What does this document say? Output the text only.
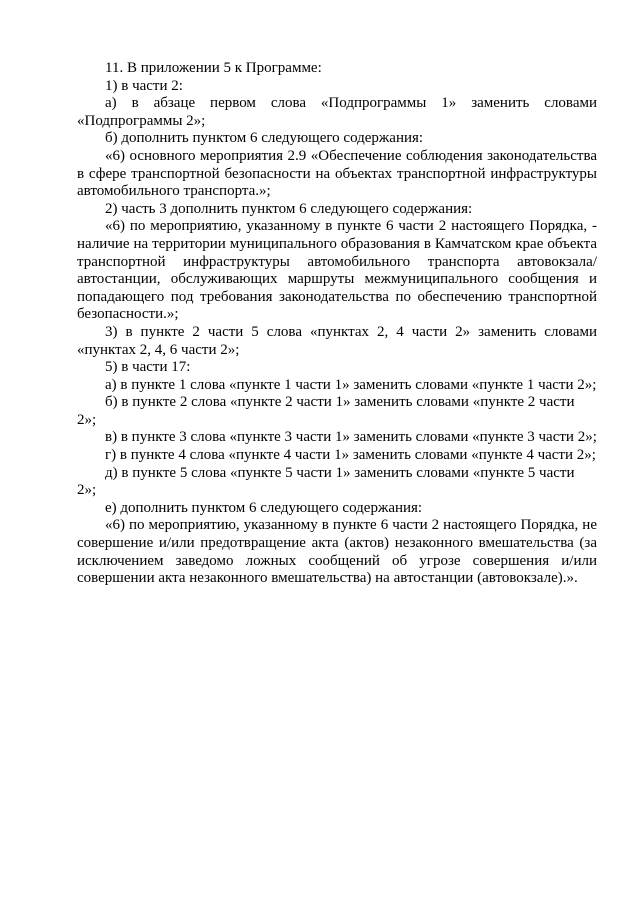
11. В приложении 5 к Программе:

1) в части 2:

а) в абзаце первом слова «Подпрограммы 1» заменить словами «Подпрограммы 2»;

б) дополнить пунктом 6 следующего содержания:

«6) основного мероприятия 2.9 «Обеспечение соблюдения законодательства в сфере транспортной безопасности на объектах транспортной инфраструктуры автомобильного транспорта.»;

2) часть 3 дополнить пунктом 6 следующего содержания:

«6) по мероприятию, указанному в пункте 6 части 2 настоящего Порядка, -

наличие на территории муниципального образования в Камчатском крае объекта транспортной инфраструктуры автомобильного транспорта автовокзала/автостанции, обслуживающих маршруты межмуниципального сообщения и попадающего под требования законодательства по обеспечению транспортной безопасности.»;

3) в пункте 2 части 5 слова «пунктах 2, 4 части 2» заменить словами «пунктах 2, 4, 6 части 2»;

5) в части 17:

а) в пункте 1 слова «пункте 1 части 1» заменить словами «пункте 1 части 2»;

б) в пункте 2 слова «пункте 2 части 1» заменить словами «пункте 2 части 2»;

в) в пункте 3 слова «пункте 3 части 1» заменить словами «пункте 3 части 2»;

г) в пункте 4 слова «пункте 4 части 1» заменить словами «пункте 4 части 2»;

д) в пункте 5 слова «пункте 5 части 1» заменить словами «пункте 5 части 2»;

е) дополнить пунктом 6 следующего содержания:

«6) по мероприятию, указанному в пункте 6 части 2 настоящего Порядка, не совершение и/или предотвращение акта (актов) незаконного вмешательства (за исключением заведомо ложных сообщений об угрозе совершения и/или совершении акта незаконного вмешательства) на автостанции (автовокзале).».
